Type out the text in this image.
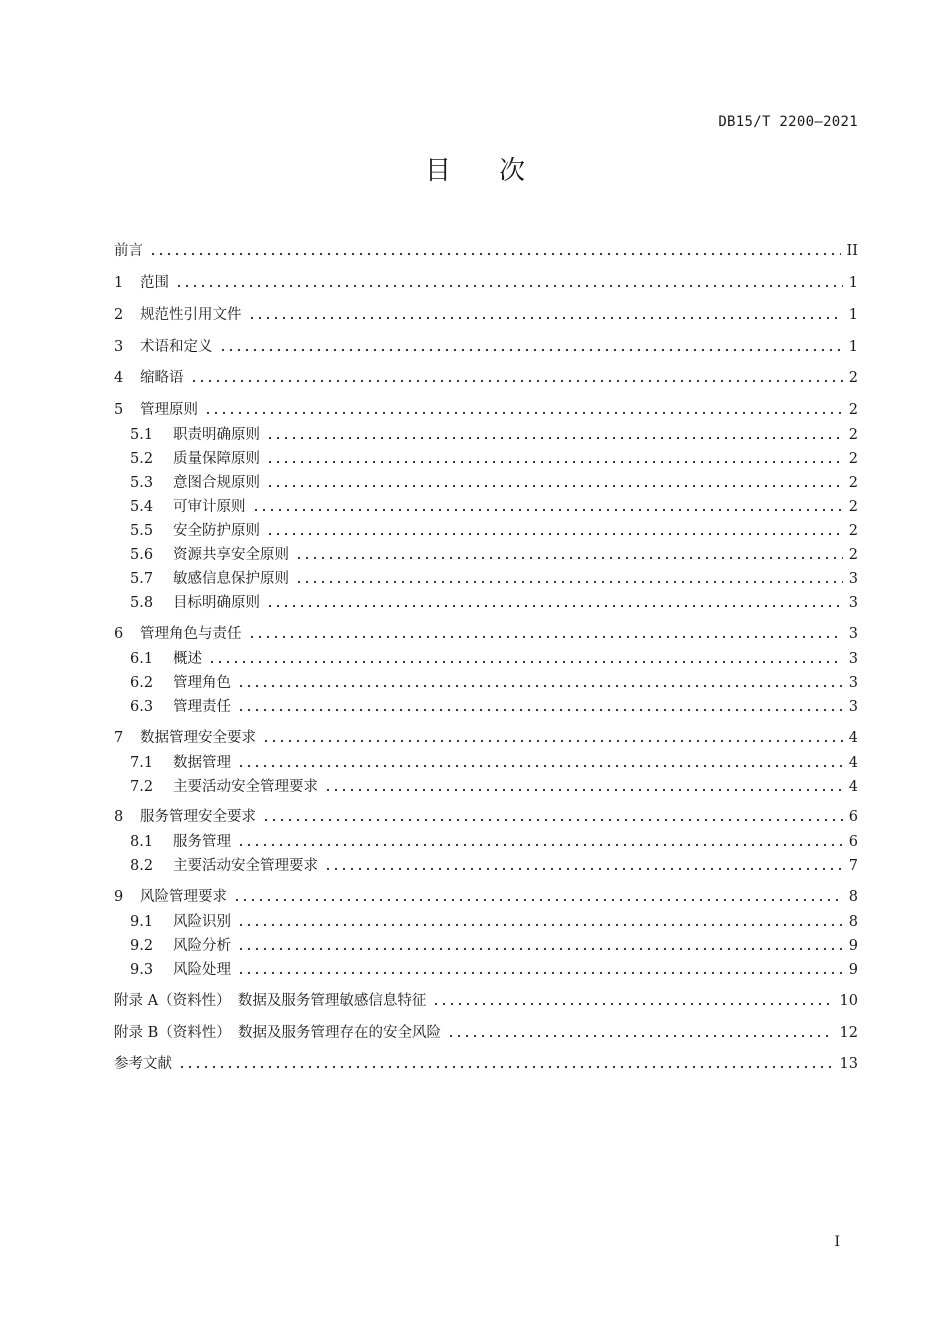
DB15/T 2200—2021
目 次
前言	II
1	范围	1
2	规范性引用文件	1
3	术语和定义	1
4	缩略语	2
5	管理原则	2
5.1	职责明确原则	2
5.2	质量保障原则	2
5.3	意图合规原则	2
5.4	可审计原则	2
5.5	安全防护原则	2
5.6	资源共享安全原则	2
5.7	敏感信息保护原则	3
5.8	目标明确原则	3
6	管理角色与责任	3
6.1	概述	3
6.2	管理角色	3
6.3	管理责任	3
7	数据管理安全要求	4
7.1	数据管理	4
7.2	主要活动安全管理要求	4
8	服务管理安全要求	6
8.1	服务管理	6
8.2	主要活动安全管理要求	7
9	风险管理要求	8
9.1	风险识别	8
9.2	风险分析	9
9.3	风险处理	9
附录 A（资料性）　数据及服务管理敏感信息特征	10
附录 B（资料性）　数据及服务管理存在的安全风险	12
参考文献	13
I
